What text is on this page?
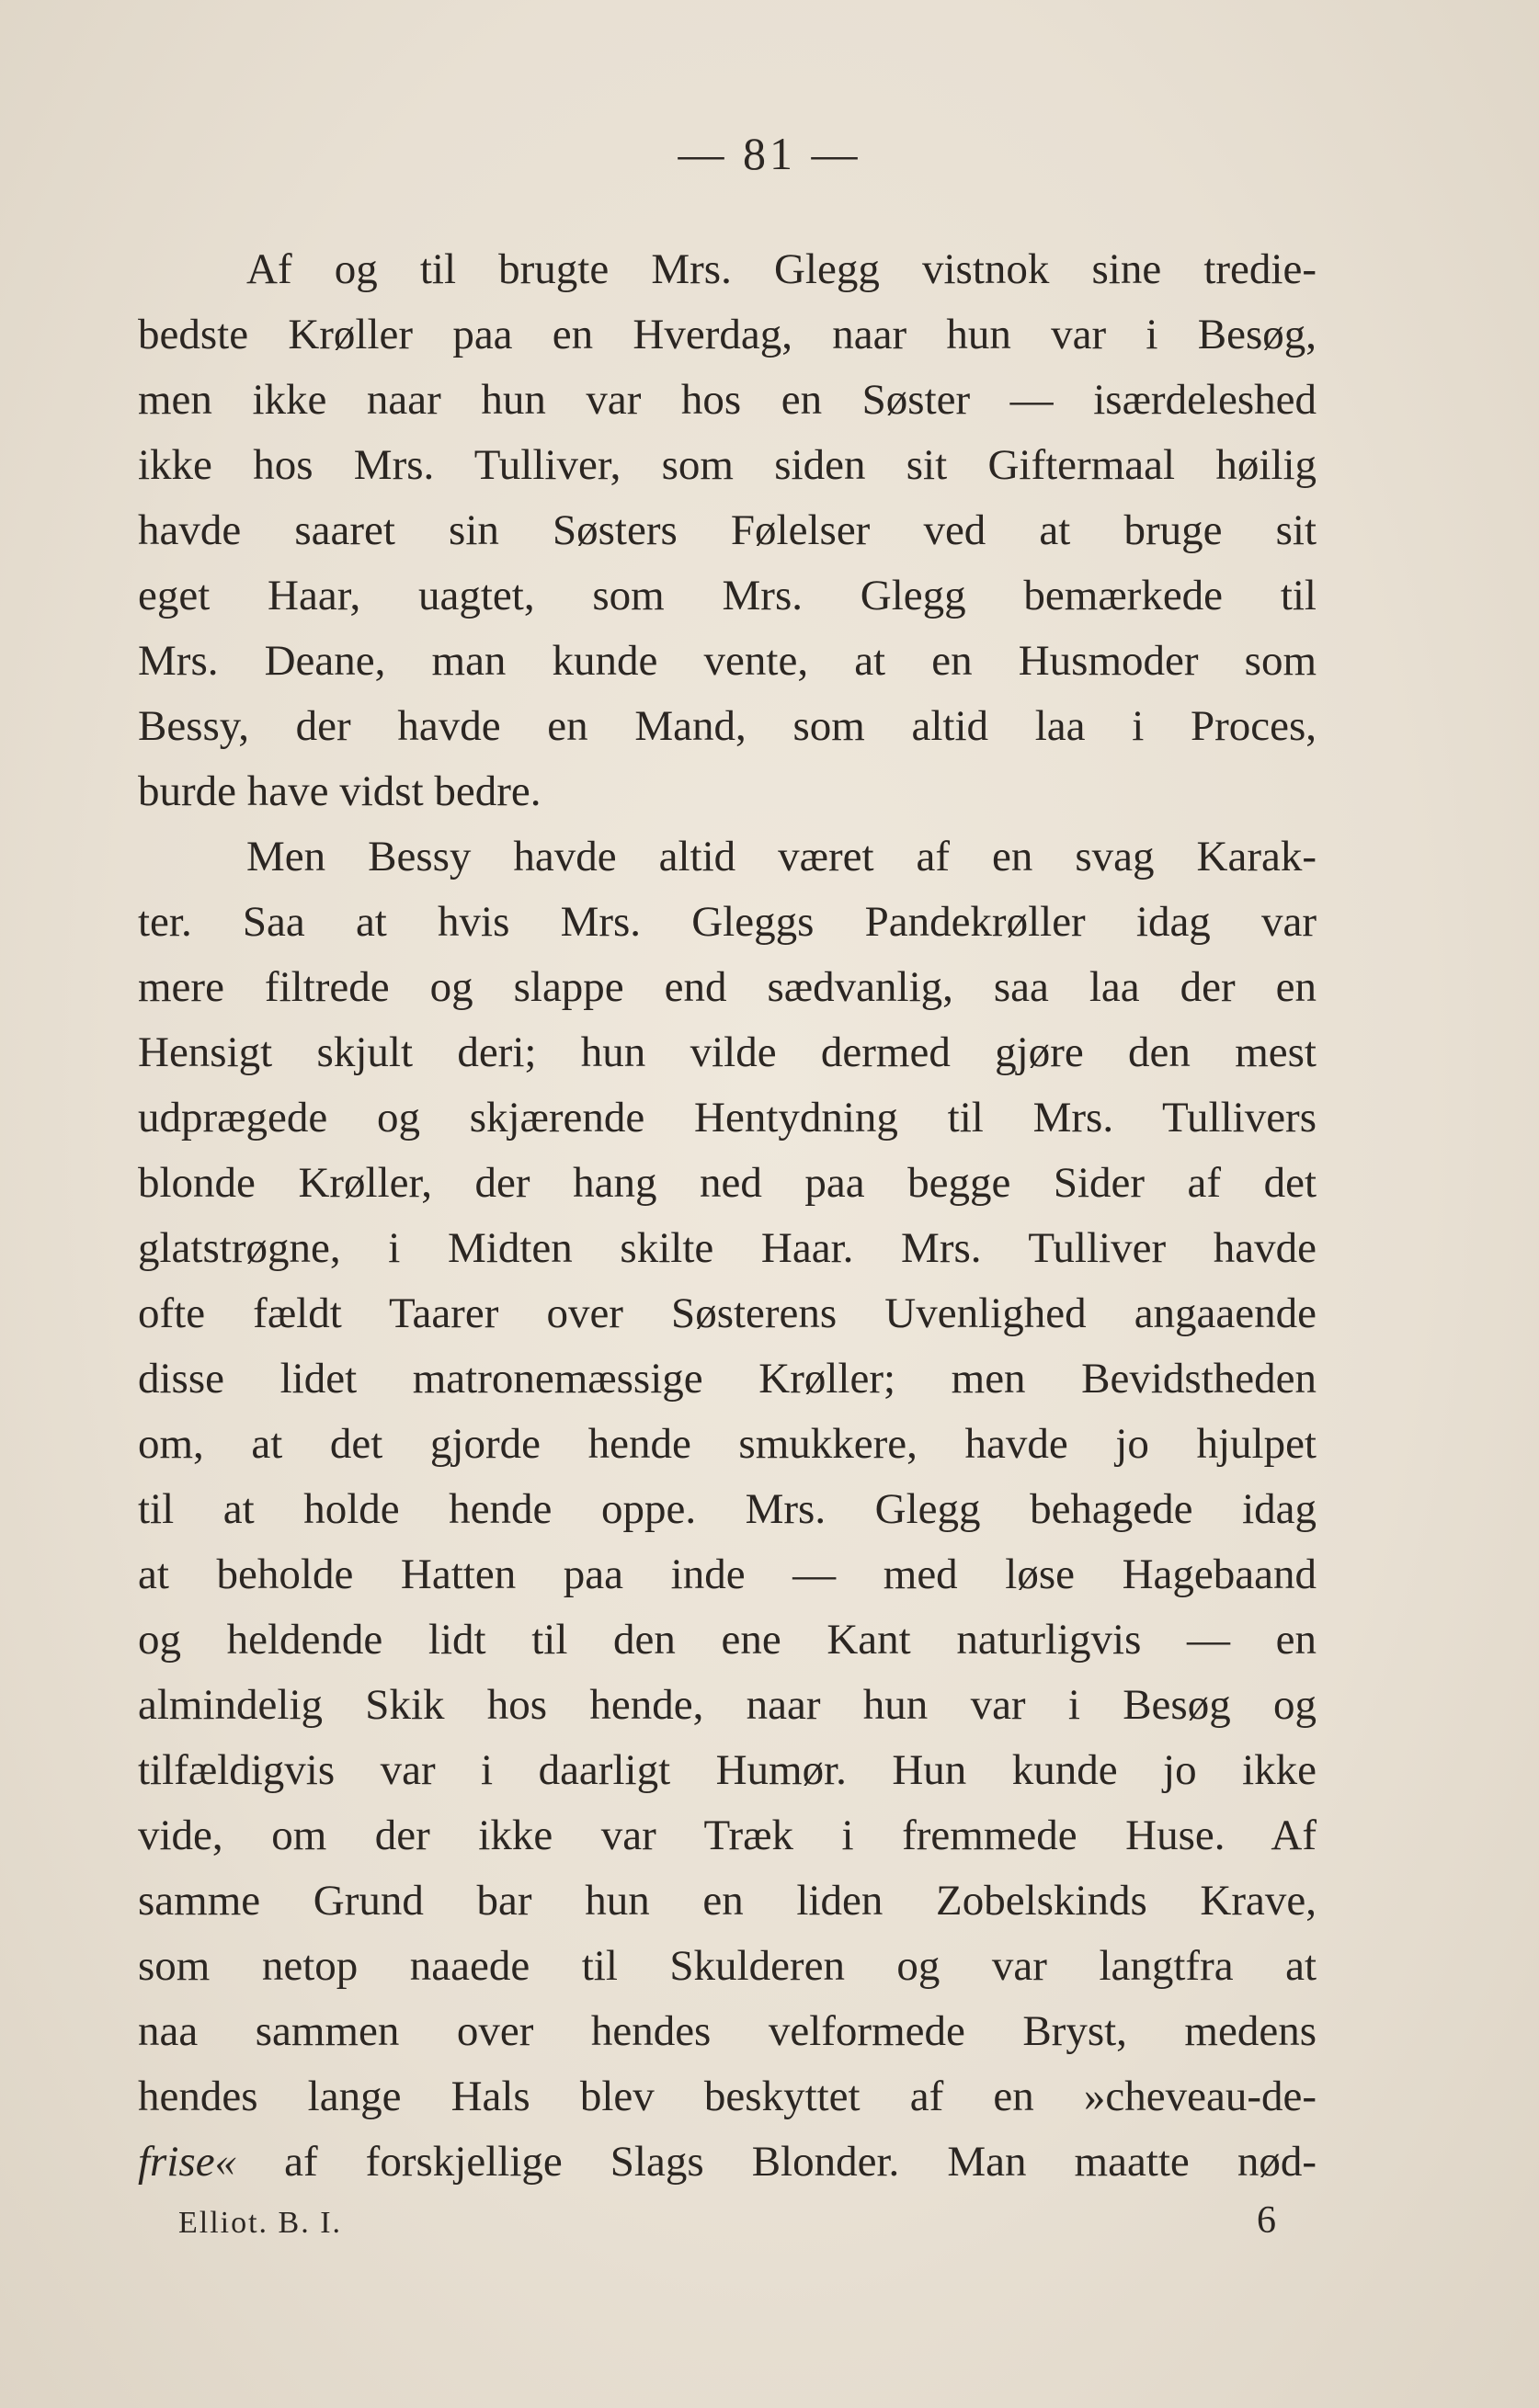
— 81 —
Af og til brugte Mrs. Glegg vistnok sine tredie-
bedste Krøller paa en Hverdag, naar hun var i Besøg,
men ikke naar hun var hos en Søster — isærdeleshed
ikke hos Mrs. Tulliver, som siden sit Giftermaal høilig
havde saaret sin Søsters Følelser ved at bruge sit
eget Haar, uagtet, som Mrs. Glegg bemærkede til
Mrs. Deane, man kunde vente, at en Husmoder som
Bessy, der havde en Mand, som altid laa i Proces,
burde have vidst bedre.
Men Bessy havde altid været af en svag Karak-
ter. Saa at hvis Mrs. Gleggs Pandekrøller idag var
mere filtrede og slappe end sædvanlig, saa laa der en
Hensigt skjult deri; hun vilde dermed gjøre den mest
udprægede og skjærende Hentydning til Mrs. Tullivers
blonde Krøller, der hang ned paa begge Sider af det
glatstrøgne, i Midten skilte Haar. Mrs. Tulliver havde
ofte fældt Taarer over Søsterens Uvenlighed angaaende
disse lidet matronemæssige Krøller; men Bevidstheden
om, at det gjorde hende smukkere, havde jo hjulpet
til at holde hende oppe. Mrs. Glegg behagede idag
at beholde Hatten paa inde — med løse Hagebaand
og heldende lidt til den ene Kant naturligvis — en
almindelig Skik hos hende, naar hun var i Besøg og
tilfældigvis var i daarligt Humør. Hun kunde jo ikke
vide, om der ikke var Træk i fremmede Huse. Af
samme Grund bar hun en liden Zobelskinds Krave,
som netop naaede til Skulderen og var langtfra at
naa sammen over hendes velformede Bryst, medens
hendes lange Hals blev beskyttet af en »cheveau-de-
frise« af forskjellige Slags Blonder. Man maatte nød-
Elliot. B. I.	6
